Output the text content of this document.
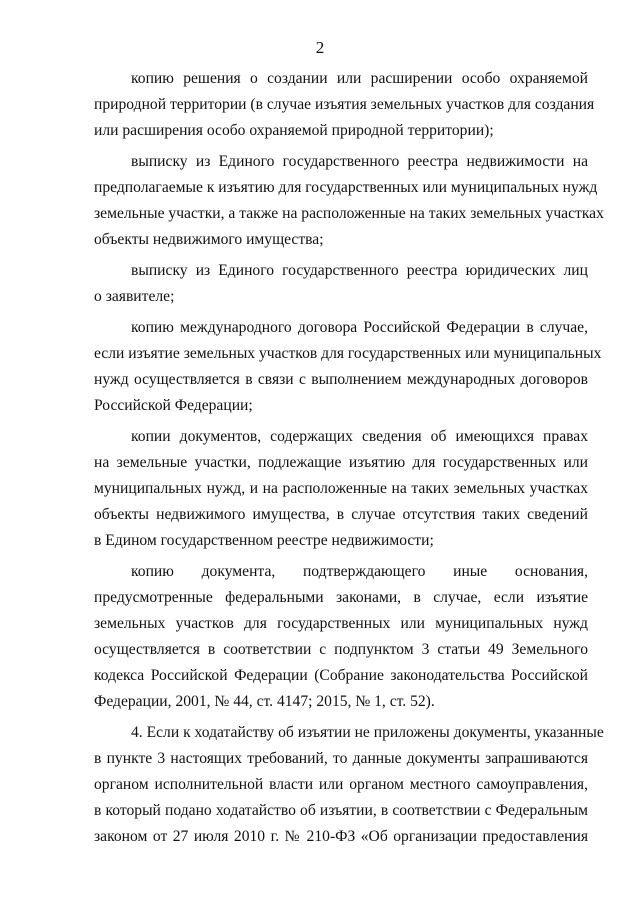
2
копию решения о создании или расширении особо охраняемой
природной территории (в случае изъятия земельных участков для создания
или расширения особо охраняемой природной территории);
выписку из Единого государственного реестра недвижимости на
предполагаемые к изъятию для государственных или муниципальных нужд
земельные участки, а также на расположенные на таких земельных участках
объекты недвижимого имущества;
выписку из Единого государственного реестра юридических лиц
о заявителе;
копию международного договора Российской Федерации в случае,
если изъятие земельных участков для государственных или муниципальных
нужд осуществляется в связи с выполнением международных договоров
Российской Федерации;
копии документов, содержащих сведения об имеющихся правах
на земельные участки, подлежащие изъятию для государственных или
муниципальных нужд, и на расположенные на таких земельных участках
объекты недвижимого имущества, в случае отсутствия таких сведений
в Едином государственном реестре недвижимости;
копию документа, подтверждающего иные основания,
предусмотренные федеральными законами, в случае, если изъятие
земельных участков для государственных или муниципальных нужд
осуществляется в соответствии с подпунктом 3 статьи 49 Земельного
кодекса Российской Федерации (Собрание законодательства Российской
Федерации, 2001, № 44, ст. 4147; 2015, № 1, ст. 52).
4. Если к ходатайству об изъятии не приложены документы, указанные
в пункте 3 настоящих требований, то данные документы запрашиваются
органом исполнительной власти или органом местного самоуправления,
в который подано ходатайство об изъятии, в соответствии с Федеральным
законом от 27 июля 2010 г. № 210-ФЗ «Об организации предоставления
